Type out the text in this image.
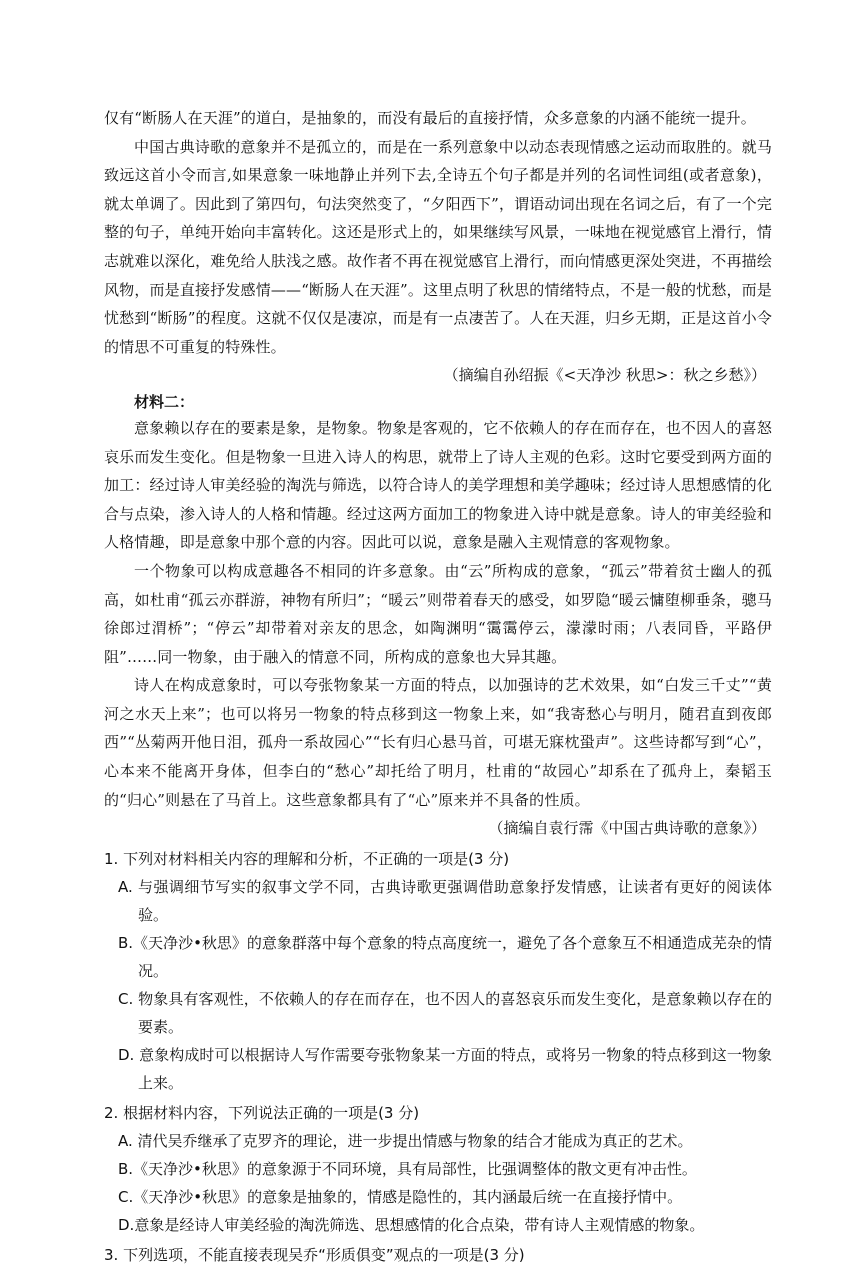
仅有“断肠人在天涯”的道白，是抽象的，而没有最后的直接抒情，众多意象的内涵不能统一提升。

中国古典诗歌的意象并不是孤立的，而是在一系列意象中以动态表现情感之运动而取胜的。就马致远这首小令而言,如果意象一味地静止并列下去,全诗五个句子都是并列的名词性词组(或者意象)，就太单调了。因此到了第四句，句法突然变了，“夕阳西下”，谓语动词出现在名词之后，有了一个完整的句子，单纯开始向丰富转化。这还是形式上的，如果继续写风景，一味地在视觉感官上滑行，情志就难以深化，难免给人肤浅之感。故作者不再在视觉感官上滑行，而向情感更深处突进，不再描绘风物，而是直接抒发感情——“断肠人在天涯”。这里点明了秋思的情绪特点，不是一般的忧愁，而是忧愁到“断肠”的程度。这就不仅仅是凄凉，而是有一点凄苦了。人在天涯，归乡无期，正是这首小令的情思不可重复的特殊性。

（摘编自孙绍振《<天净沙 秋思>：秋之乡愁》）

材料二：

意象赖以存在的要素是象，是物象。物象是客观的，它不依赖人的存在而存在，也不因人的喜怒哀乐而发生变化。但是物象一旦进入诗人的构思，就带上了诗人主观的色彩。这时它要受到两方面的加工：经过诗人审美经验的淘洗与筛选，以符合诗人的美学理想和美学趣味；经过诗人思想感情的化合与点染，渗入诗人的人格和情趣。经过这两方面加工的物象进入诗中就是意象。诗人的审美经验和人格情趣，即是意象中那个意的内容。因此可以说，意象是融入主观情意的客观物象。

一个物象可以构成意趣各不相同的许多意象。由“云”所构成的意象，“孤云”带着贫士幽人的孤高，如杜甫“孤云亦群游，神物有所归”；“暖云”则带着春天的感受，如罗隐“暖云慵堕柳垂条，骢马徐郎过渭桥”；“停云”却带着对亲友的思念，如陶渊明“霭霭停云，濛濛时雨；八表同昏，平路伊阻”……同一物象，由于融入的情意不同，所构成的意象也大异其趣。

诗人在构成意象时，可以夸张物象某一方面的特点，以加强诗的艺术效果，如“白发三千丈”“黄河之水天上来”；也可以将另一物象的特点移到这一物象上来，如“我寄愁心与明月，随君直到夜郎西”“丛菊两开他日泪，孤舟一系故园心”“长有归心悬马首，可堪无寐枕蛩声”。这些诗都写到“心”，心本来不能离开身体，但李白的“愁心”却托给了明月，杜甫的“故园心”却系在了孤舟上，秦韬玉的“归心”则悬在了马首上。这些意象都具有了“心”原来并不具备的性质。

（摘编自袁行霈《中国古典诗歌的意象》）

1. 下列对材料相关内容的理解和分析，不正确的一项是(3 分)

A. 与强调细节写实的叙事文学不同，古典诗歌更强调借助意象抒发情感，让读者有更好的阅读体验。

B.《天净沙•秋思》的意象群落中每个意象的特点高度统一，避免了各个意象互不相通造成芜杂的情况。

C. 物象具有客观性，不依赖人的存在而存在，也不因人的喜怒哀乐而发生变化，是意象赖以存在的要素。

D. 意象构成时可以根据诗人写作需要夸张物象某一方面的特点，或将另一物象的特点移到这一物象上来。

2. 根据材料内容，下列说法正确的一项是(3 分)

A. 清代吴乔继承了克罗齐的理论，进一步提出情感与物象的结合才能成为真正的艺术。

B.《天净沙•秋思》的意象源于不同环境，具有局部性，比强调整体的散文更有冲击性。

C.《天净沙•秋思》的意象是抽象的，情感是隐性的，其内涵最后统一在直接抒情中。

D.意象是经诗人审美经验的淘洗筛选、思想感情的化合点染，带有诗人主观情感的物象。

3. 下列选项，不能直接表现吴乔“形质俱变”观点的一项是(3 分)
